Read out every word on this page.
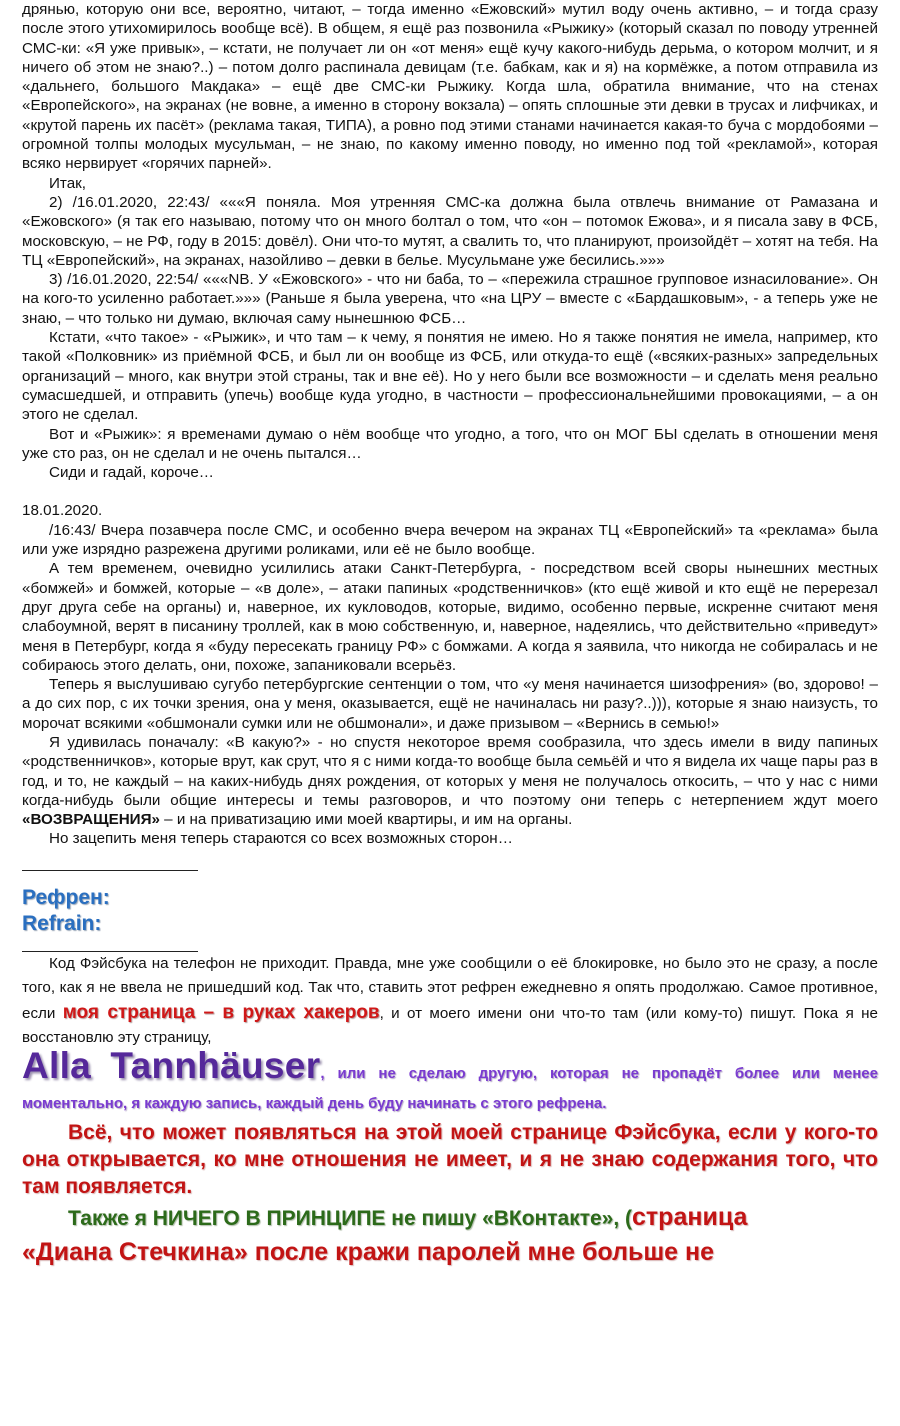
дрянью, которую они все, вероятно, читают, – тогда именно «Ежовский» мутил воду очень активно, – и тогда сразу после этого утихомирилось вообще всё). В общем, я ещё раз позвонила «Рыжику» (который сказал по поводу утренней СМС-ки: «Я уже привык», – кстати, не получает ли он «от меня» ещё кучу какого-нибудь дерьма, о котором молчит, и я ничего об этом не знаю?..) – потом долго распинала девицам (т.е. бабкам, как и я) на кормёжке, а потом отправила из «дальнего, большого Макдака» – ещё две СМС-ки Рыжику. Когда шла, обратила внимание, что на стенах «Европейского», на экранах (не вовне, а именно в сторону вокзала) – опять сплошные эти девки в трусах и лифчиках, и «крутой парень их пасёт» (реклама такая, ТИПА), а ровно под этими станами начинается какая-то буча с мордобоями – огромной толпы молодых мусульман, – не знаю, по какому именно поводу, но именно под той «рекламой», которая всяко нервирует «горячих парней».

Итак,

2) /16.01.2020, 22:43/ «««Я поняла. Моя утренняя СМС-ка должна была отвлечь внимание от Рамазана и «Ежовского» (я так его называю, потому что он много болтал о том, что «он – потомок Ежова», и я писала заву в ФСБ, московскую, – не РФ, году в 2015: довёл). Они что-то мутят, а свалить то, что планируют, произойдёт – хотят на тебя. На ТЦ «Европейский», на экранах, назойливо – девки в белье. Мусульмане уже бесились.»»»

3) /16.01.2020, 22:54/ «««NB. У «Ежовского» - что ни баба, то – «пережила страшное групповое изнасилование». Он на кого-то усиленно работает.»»» (Раньше я была уверена, что «на ЦРУ – вместе с «Бардашковым», - а теперь уже не знаю, – что только ни думаю, включая саму нынешнюю ФСБ…

Кстати, «что такое» - «Рыжик», и что там – к чему, я понятия не имею. Но я также понятия не имела, например, кто такой «Полковник» из приёмной ФСБ, и был ли он вообще из ФСБ, или откуда-то ещё («всяких-разных» запредельных организаций – много, как внутри этой страны, так и вне её). Но у него были все возможности – и сделать меня реально сумасшедшей, и отправить (упечь) вообще куда угодно, в частности – профессиональнейшими провокациями, – а он этого не сделал.

Вот и «Рыжик»: я временами думаю о нём вообще что угодно, а того, что он МОГ БЫ сделать в отношении меня уже сто раз, он не сделал и не очень пытался…

Сиди и гадай, короче…

18.01.2020.

/16:43/ Вчера позавчера после СМС, и особенно вчера вечером на экранах ТЦ «Европейский» та «реклама» была или уже изрядно разрежена другими роликами, или её не было вообще.

А тем временем, очевидно усилились атаки Санкт-Петербурга, - посредством всей своры нынешних местных «бомжей» и бомжей, которые – «в доле», – атаки папиных «родственничков» (кто ещё живой и кто ещё не перерезал друг друга себе на органы) и, наверное, их кукловодов, которые, видимо, особенно первые, искренне считают меня слабоумной, верят в писанину троллей, как в мою собственную, и, наверное, надеялись, что действительно «приведут» меня в Петербург, когда я «буду пересекать границу РФ» с бомжами. А когда я заявила, что никогда не собиралась и не собираюсь этого делать, они, похоже, запаниковали всерьёз.

Теперь я выслушиваю сугубо петербургские сентенции о том, что «у меня начинается шизофрения» (во, здорово! – а до сих пор, с их точки зрения, она у меня, оказывается, ещё не начиналась ни разу?..))), которые я знаю наизусть, то морочат всякими «обшмонали сумки или не обшмонали», и даже призывом – «Вернись в семью!»

Я удивилась поначалу: «В какую?» - но спустя некоторое время сообразила, что здесь имели в виду папиных «родственничков», которые врут, как срут, что я с ними когда-то вообще была семьёй и что я видела их чаще пары раз в год, и то, не каждый – на каких-нибудь днях рождения, от которых у меня не получалось откосить, – что у нас с ними когда-нибудь были общие интересы и темы разговоров, и что поэтому они теперь с нетерпением ждут моего «ВОЗВРАЩЕНИЯ» – и на приватизацию ими моей квартиры, и им на органы.

Но зацепить меня теперь стараются со всех возможных сторон…

Рефрен:
Refrain:

Код Фэйсбука на телефон не приходит. Правда, мне уже сообщили о её блокировке, но было это не сразу, а после того, как я не ввела не пришедший код. Так что, ставить этот рефрен ежедневно я опять продолжаю. Самое противное, если моя страница – в руках хакеров, и от моего имени они что-то там (или кому-то) пишут. Пока я не восстановлю эту страницу,

Alla Tannhäuser, или не сделаю другую, которая не пропадёт более или менее моментально, я каждую запись, каждый день буду начинать с этого рефрена.

Всё, что может появляться на этой моей странице Фэйсбука, если у кого-то она открывается, ко мне отношения не имеет, и я не знаю содержания того, что там появляется.

Также я НИЧЕГО В ПРИНЦИПЕ не пишу «ВКонтакте», (страница

«Диана Стечкина» после кражи паролей мне больше не
